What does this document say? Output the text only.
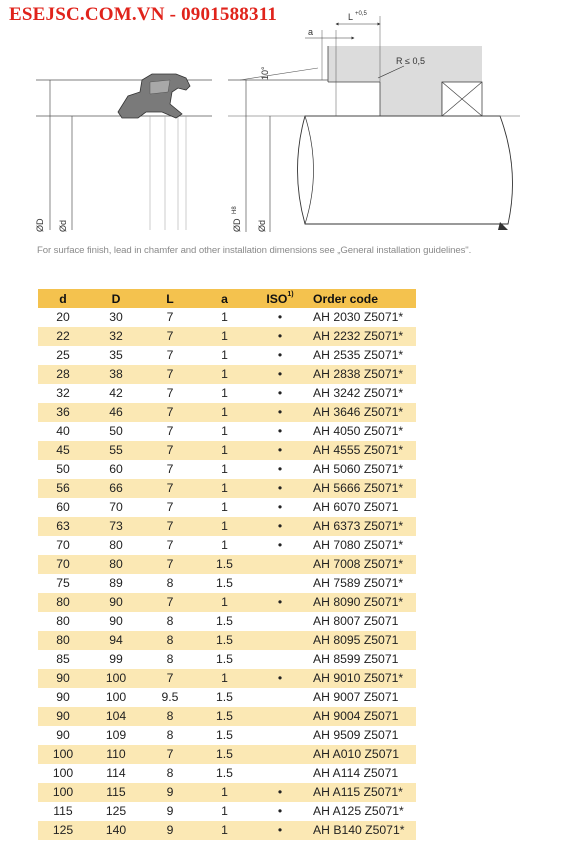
ESEJSC.COM.VN - 0901588311
ØD Ød
a
L +0,5
10°
R ≤ 0,5
ØD
H8
Ød
For surface finish, lead in chamfer and other installation dimensions see „General installation guidelines".
d	D	L	a	ISO$^{1)}$	Order code
20	30	7	1	•	AH 2030 Z5071*
22	32	7	1	•	AH 2232 Z5071*
25	35	7	1	•	AH 2535 Z5071*
28	38	7	1	•	AH 2838 Z5071*
32	42	7	1	•	AH 3242 Z5071*
36	46	7	1	•	AH 3646 Z5071*
40	50	7	1	•	AH 4050 Z5071*
45	55	7	1	•	AH 4555 Z5071*
50	60	7	1	•	AH 5060 Z5071*
56	66	7	1	•	AH 5666 Z5071*
60	70	7	1	•	AH 6070 Z5071
63	73	7	1	•	AH 6373 Z5071*
70	80	7	1	•	AH 7080 Z5071*
70	80	7	1.5		AH 7008 Z5071*
75	89	8	1.5		AH 7589 Z5071*
80	90	7	1	•	AH 8090 Z5071*
80	90	8	1.5		AH 8007 Z5071
80	94	8	1.5		AH 8095 Z5071
85	99	8	1.5		AH 8599 Z5071
90	100	7	1	•	AH 9010 Z5071*
90	100	9.5	1.5		AH 9007 Z5071
90	104	8	1.5		AH 9004 Z5071
90	109	8	1.5		AH 9509 Z5071
100	110	7	1.5		AH A010 Z5071
100	114	8	1.5		AH A114 Z5071
100	115	9	1	•	AH A115 Z5071*
115	125	9	1	•	AH A125 Z5071*
125	140	9	1	•	AH B140 Z5071*
